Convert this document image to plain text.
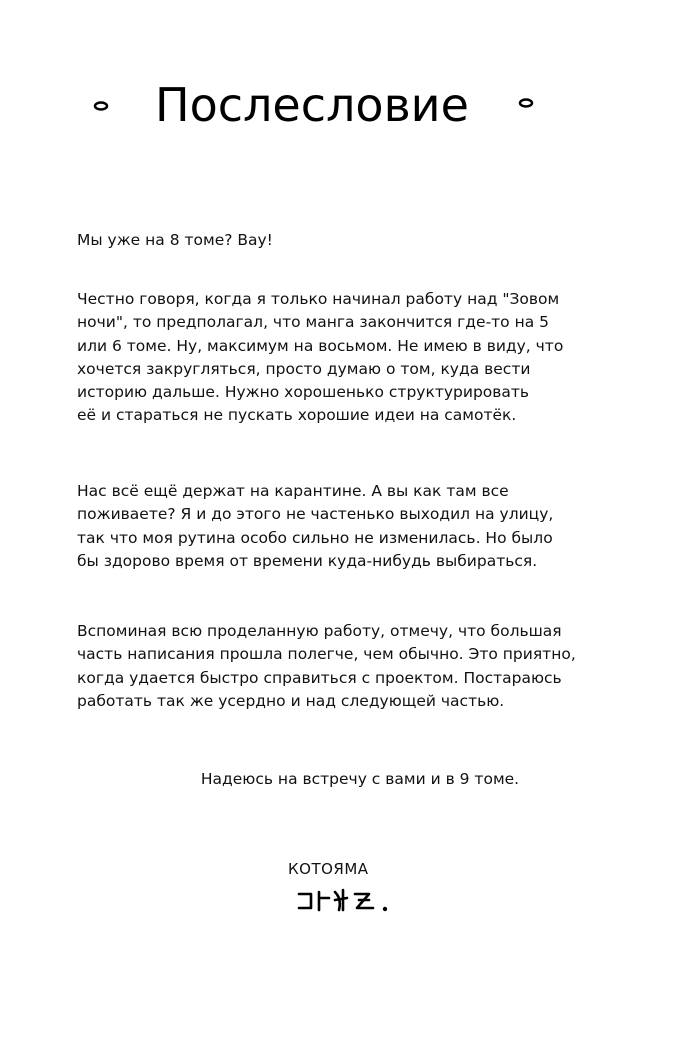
Послесловие

Мы уже на 8 томе? Вау!

Честно говоря, когда я только начинал работу над "Зовом
ночи", то предполагал, что манга закончится где-то на 5
или 6 томе. Ну, максимум на восьмом. Не имею в виду, что
хочется закругляться, просто думаю о том, куда вести
историю дальше. Нужно хорошенько структурировать
её и стараться не пускать хорошие идеи на самотёк.

Нас всё ещё держат на карантине. А вы как там все
поживаете? Я и до этого не частенько выходил на улицу,
так что моя рутина особо сильно не изменилась. Но было
бы здорово время от времени куда-нибудь выбираться.

Вспоминая всю проделанную работу, отмечу, что большая
часть написания прошла полегче, чем обычно. Это приятно,
когда удается быстро справиться с проектом. Постараюсь
работать так же усердно и над следующей частью.

Надеюсь на встречу с вами и в 9 томе.
КОТОЯМА
